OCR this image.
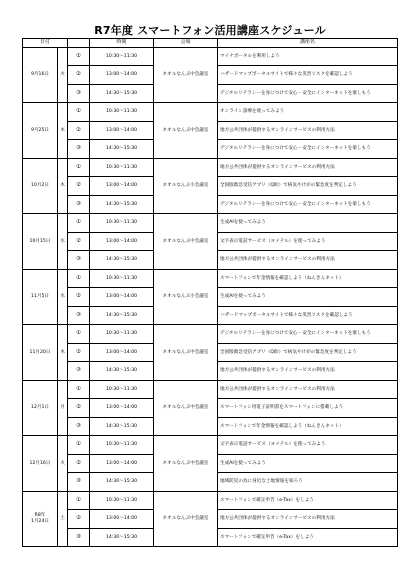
R7年度 スマートフォン活用講座スケジュール
日付			時間	会場	講座名
9月16日	火	①	10:30～11:30	ネオルなんぶ中会議室	マイナポータルを利用しよう
		②	13:00～14:00		ハザードマップポータルサイトで様々な災害リスクを確認しよう
		③	14:30～15:30		デジタルリテラシーを身につけて安心・安全にインターネットを楽しもう
9月25日	木	①	10:30～11:30	ネオルなんぶ中会議室	オンライン診療を使ってみよう
		②	13:00～14:00		地方公共団体が提供するオンラインサービスの利用方法
		③	14:30～15:30		デジタルリテラシーを身につけて安心・安全にインターネットを楽しもう
10月2日	木	①	10:30～11:30	ネオルなんぶ小会議室	地方公共団体が提供するオンラインサービスの利用方法
		②	13:00～14:00		全国版救急受信アプリ（Q助）で病気やけがの緊急度を判定しよう
		③	14:30～15:30		デジタルリテラシーを身につけて安心・安全にインターネットを楽しもう
10月15日	水	①	10:30～11:30	ネオルなんぶ中会議室	生成AIを使ってみよう
		②	13:00～14:00		文字表示電話サービス（ヨメテル）を使ってみよう
		③	14:30～15:30		地方公共団体が提供するオンラインサービスの利用方法
11月5日	水	①	10:30～11:30	ネオルなんぶ小会議室	スマートフォンで年金情報を確認しよう（ねんきんネット）
		②	13:00～14:00		生成AIを使ってみよう
		③	14:30～15:30		ハザードマップポータルサイトで様々な災害リスクを確認しよう
11月20日	木	①	10:30～11:30	ネオルなんぶ中会議室	デジタルリテラシーを身につけて安心・安全にインターネットを楽しもう
		②	13:00～14:00		全国版救急受信アプリ（Q助）で病気やけがの緊急度を判定しよう
		③	14:30～15:30		地方公共団体が提供するオンラインサービスの利用方法
12月1日	月	①	10:30～11:30	ネオルなんぶ中会議室	地方公共団体が提供するオンラインサービスの利用方法
		②	13:00～14:00		スマートフォン用電子証明書をスマートフォンに搭載しよう
		③	14:30～15:30		スマートフォンで年金情報を確認しよう（ねんきんネット）
12月16日	火	①	10:30～11:30	ネオルなんぶ中会議室	文字表示電話サービス（ヨメテル）を使ってみよう
		②	13:00～14:00		生成AIを使ってみよう
		③	14:30～15:30		地域防災の為に身近な土地情報を知ろう
R8年
1月24日	土	①	10:30～11:30	ネオルなんぶ中会議室	スマートフォンで確定申告（e-Tax）をしよう
		②	13:00～14:00		地方公共団体が提供するオンラインサービスの利用方法
		③	14:30～15:30		スマートフォンで確定申告（e-Tax）をしよう
